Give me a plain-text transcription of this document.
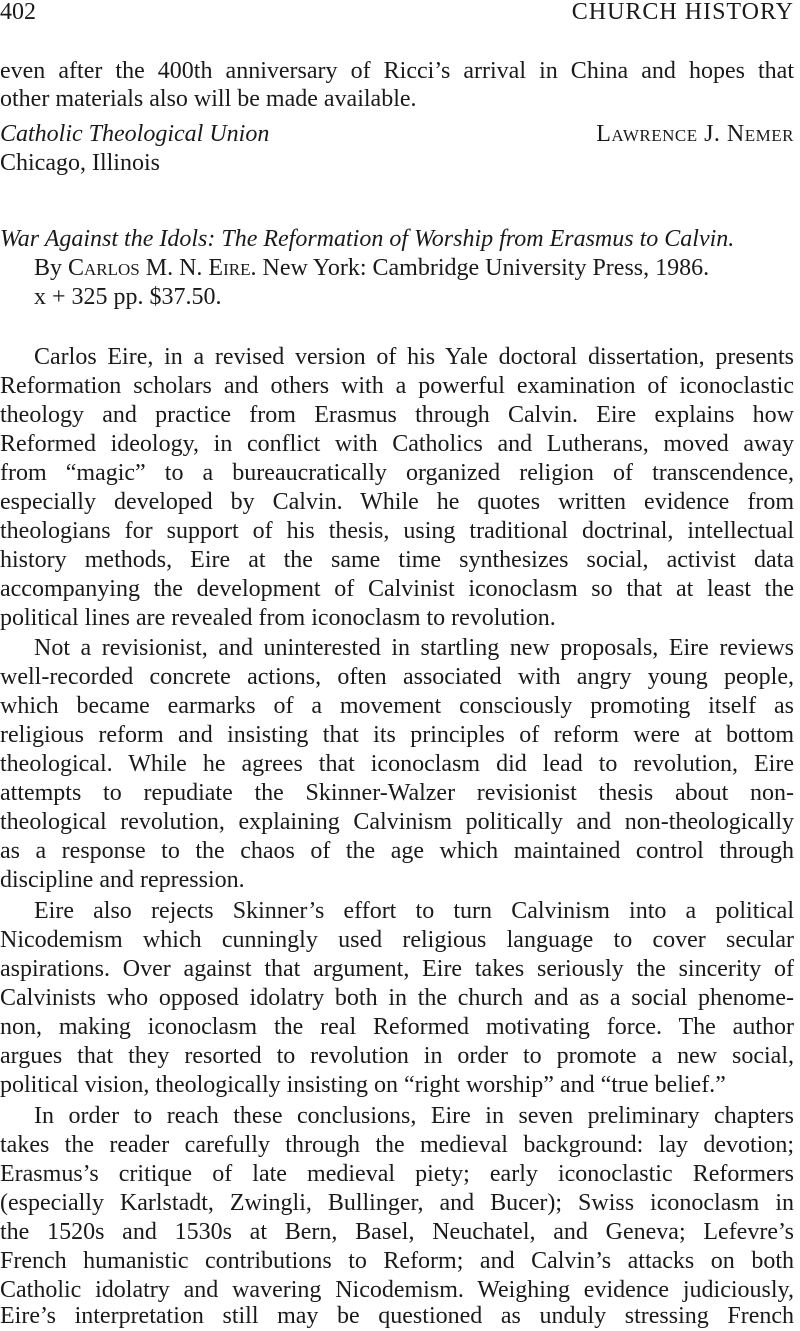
402	CHURCH HISTORY
even after the 400th anniversary of Ricci’s arrival in China and hopes that
other materials also will be made available.
Catholic Theological Union	Lawrence J. Nemer
Chicago, Illinois
War Against the Idols: The Reformation of Worship from Erasmus to Calvin.
By Carlos M. N. Eire. New York: Cambridge University Press, 1986.
x + 325 pp. $37.50.
Carlos Eire, in a revised version of his Yale doctoral dissertation, presents
Reformation scholars and others with a powerful examination of iconoclastic
theology and practice from Erasmus through Calvin. Eire explains how
Reformed ideology, in conflict with Catholics and Lutherans, moved away
from “magic” to a bureaucratically organized religion of transcendence,
especially developed by Calvin. While he quotes written evidence from
theologians for support of his thesis, using traditional doctrinal, intellectual
history methods, Eire at the same time synthesizes social, activist data
accompanying the development of Calvinist iconoclasm so that at least the
political lines are revealed from iconoclasm to revolution.
Not a revisionist, and uninterested in startling new proposals, Eire reviews
well-recorded concrete actions, often associated with angry young people,
which became earmarks of a movement consciously promoting itself as
religious reform and insisting that its principles of reform were at bottom
theological. While he agrees that iconoclasm did lead to revolution, Eire
attempts to repudiate the Skinner-Walzer revisionist thesis about non-
theological revolution, explaining Calvinism politically and non-theologically
as a response to the chaos of the age which maintained control through
discipline and repression.
Eire also rejects Skinner’s effort to turn Calvinism into a political
Nicodemism which cunningly used religious language to cover secular
aspirations. Over against that argument, Eire takes seriously the sincerity of
Calvinists who opposed idolatry both in the church and as a social phenome-
non, making iconoclasm the real Reformed motivating force. The author
argues that they resorted to revolution in order to promote a new social,
political vision, theologically insisting on “right worship” and “true belief.”
In order to reach these conclusions, Eire in seven preliminary chapters
takes the reader carefully through the medieval background: lay devotion;
Erasmus’s critique of late medieval piety; early iconoclastic Reformers
(especially Karlstadt, Zwingli, Bullinger, and Bucer); Swiss iconoclasm in
the 1520s and 1530s at Bern, Basel, Neuchatel, and Geneva; Lefevre’s
French humanistic contributions to Reform; and Calvin’s attacks on both
Catholic idolatry and wavering Nicodemism. Weighing evidence judiciously,
Eire’s interpretation still may be questioned as unduly stressing French
